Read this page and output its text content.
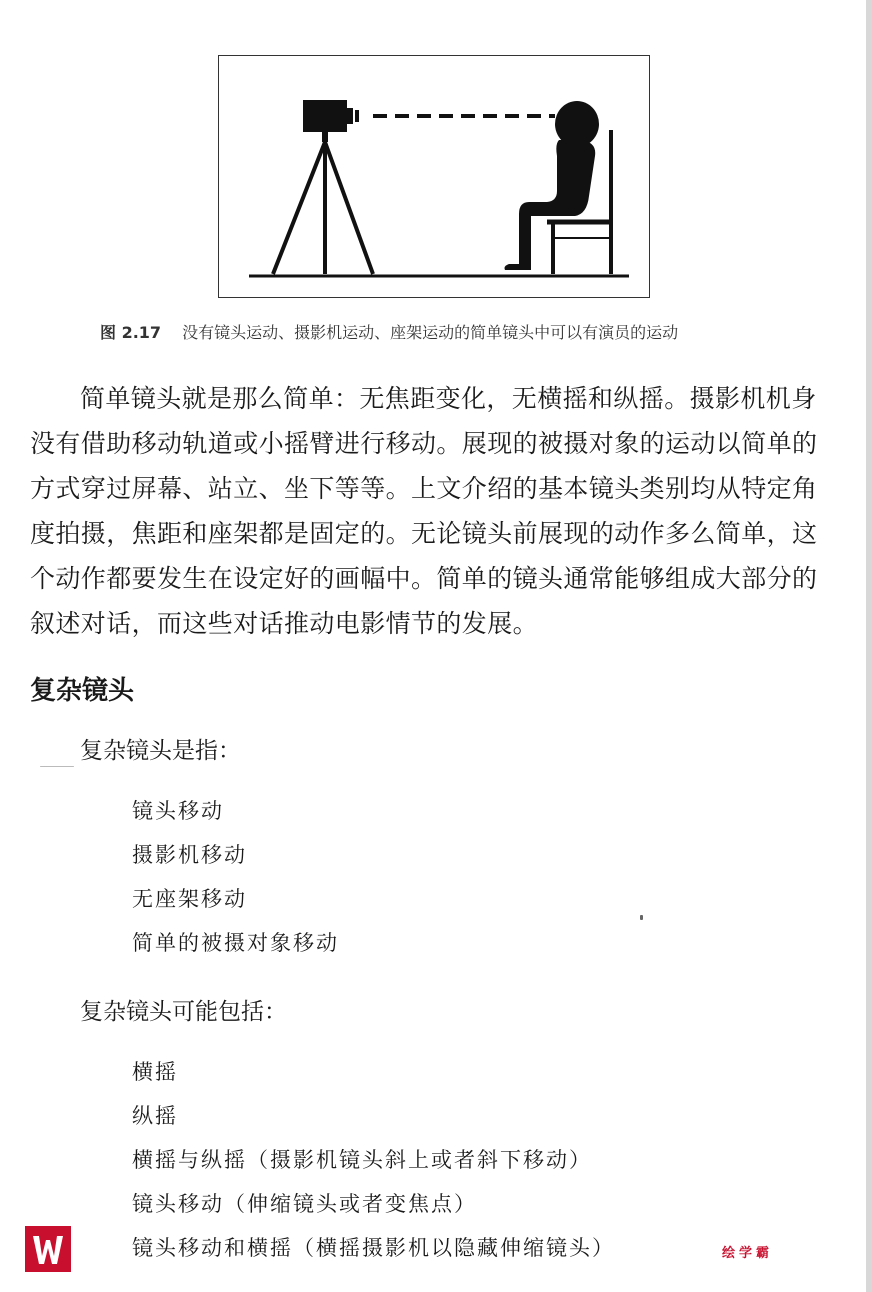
图 2.17 没有镜头运动、摄影机运动、座架运动的简单镜头中可以有演员的运动
简单镜头就是那么简单：无焦距变化，无横摇和纵摇。摄影机机身
没有借助移动轨道或小摇臂进行移动。展现的被摄对象的运动以简单的
方式穿过屏幕、站立、坐下等等。上文介绍的基本镜头类别均从特定角
度拍摄，焦距和座架都是固定的。无论镜头前展现的动作多么简单，这
个动作都要发生在设定好的画幅中。简单的镜头通常能够组成大部分的
叙述对话，而这些对话推动电影情节的发展。
复杂镜头
复杂镜头是指：
镜头移动
摄影机移动
无座架移动
简单的被摄对象移动
复杂镜头可能包括：
横摇
纵摇
横摇与纵摇（摄影机镜头斜上或者斜下移动）
镜头移动（伸缩镜头或者变焦点）
镜头移动和横摇（横摇摄影机以隐藏伸缩镜头）	绘学霸
